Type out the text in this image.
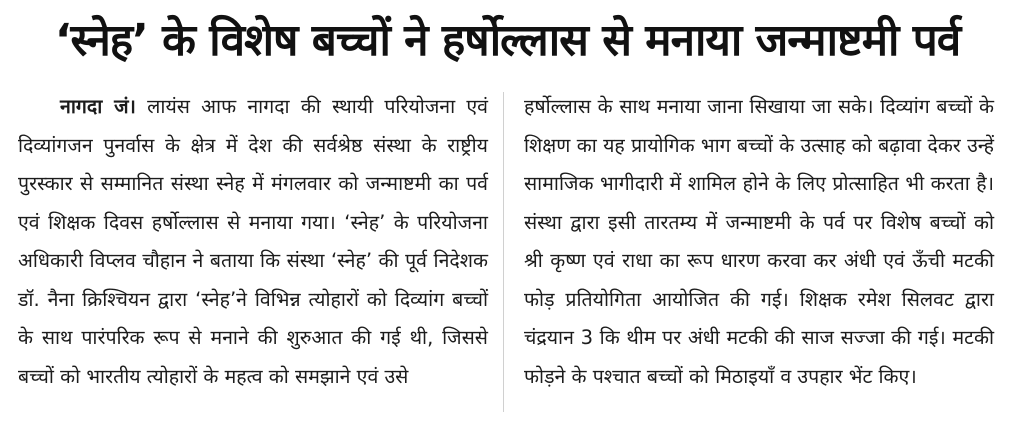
‘स्नेह’ के विशेष बच्चों ने हर्षोल्लास से मनाया जन्माष्टमी पर्व

नागदा जं। लायंस आफ नागदा की स्थायी परियोजना एवं दिव्यांगजन पुनर्वास के क्षेत्र में देश की सर्वश्रेष्ठ संस्था के राष्ट्रीय पुरस्कार से सम्मानित संस्था स्नेह में मंगलवार को जन्माष्टमी का पर्व एवं शिक्षक दिवस हर्षोल्लास से मनाया गया। ‘स्नेह’ के परियोजना अधिकारी विप्लव चौहान ने बताया कि संस्था ‘स्नेह’ की पूर्व निदेशक डॉ. नैना क्रिश्चियन द्वारा ‘स्नेह’ने विभिन्न त्योहारों को दिव्यांग बच्चों के साथ पारंपरिक रूप से मनाने की शुरुआत की गई थी, जिससे बच्चों को भारतीय त्योहारों के महत्व को समझाने एवं उसे

हर्षोल्लास के साथ मनाया जाना सिखाया जा सके। दिव्यांग बच्चों के शिक्षण का यह प्रायोगिक भाग बच्चों के उत्साह को बढ़ावा देकर उन्हें सामाजिक भागीदारी में शामिल होने के लिए प्रोत्साहित भी करता है। संस्था द्वारा इसी तारतम्य में जन्माष्टमी के पर्व पर विशेष बच्चों को श्री कृष्ण एवं राधा का रूप धारण करवा कर अंधी एवं ऊँची मटकी फोड़ प्रतियोगिता आयोजित की गई। शिक्षक रमेश सिलवट द्वारा चंद्रयान 3 कि थीम पर अंधी मटकी की साज सज्जा की गई। मटकी फोड़ने के पश्चात बच्चों को मिठाइयाँ व उपहार भेंट किए।
